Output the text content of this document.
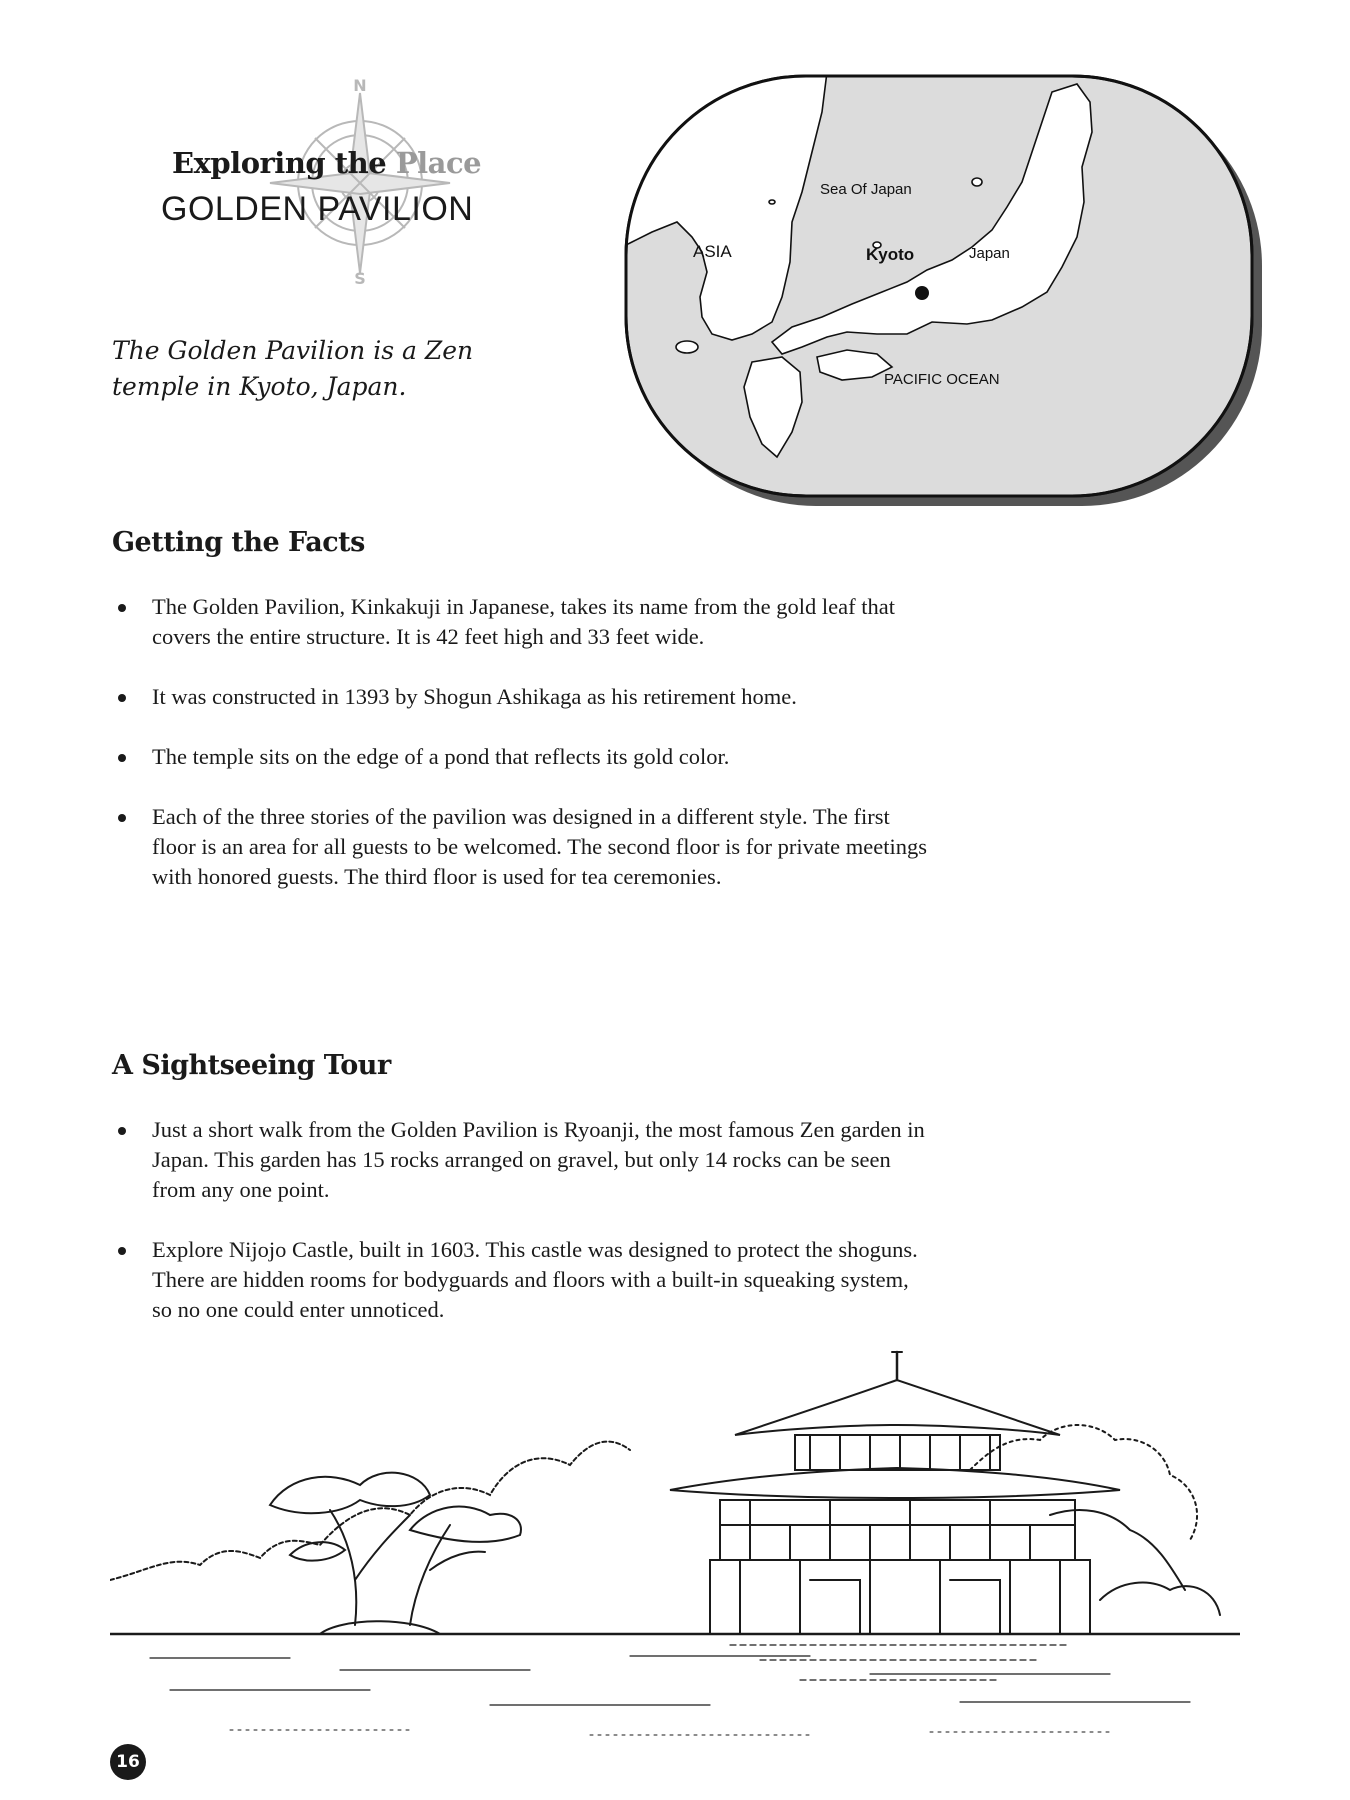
N
S
Exploring the Place
GOLDEN PAVILION
The Golden Pavilion is a Zen temple in Kyoto, Japan.
Sea Of Japan
ASIA	Kyoto	Japan
PACIFIC OCEAN
Getting the Facts
The Golden Pavilion, Kinkakuji in Japanese, takes its name from the gold leaf that covers the entire structure. It is 42 feet high and 33 feet wide.
It was constructed in 1393 by Shogun Ashikaga as his retirement home.
The temple sits on the edge of a pond that reflects its gold color.
Each of the three stories of the pavilion was designed in a different style. The first floor is an area for all guests to be welcomed. The second floor is for private meetings with honored guests. The third floor is used for tea ceremonies.
A Sightseeing Tour
Just a short walk from the Golden Pavilion is Ryoanji, the most famous Zen garden in Japan. This garden has 15 rocks arranged on gravel, but only 14 rocks can be seen from any one point.
Explore Nijojo Castle, built in 1603. This castle was designed to protect the shoguns. There are hidden rooms for bodyguards and floors with a built-in squeaking system, so no one could enter unnoticed.
16
